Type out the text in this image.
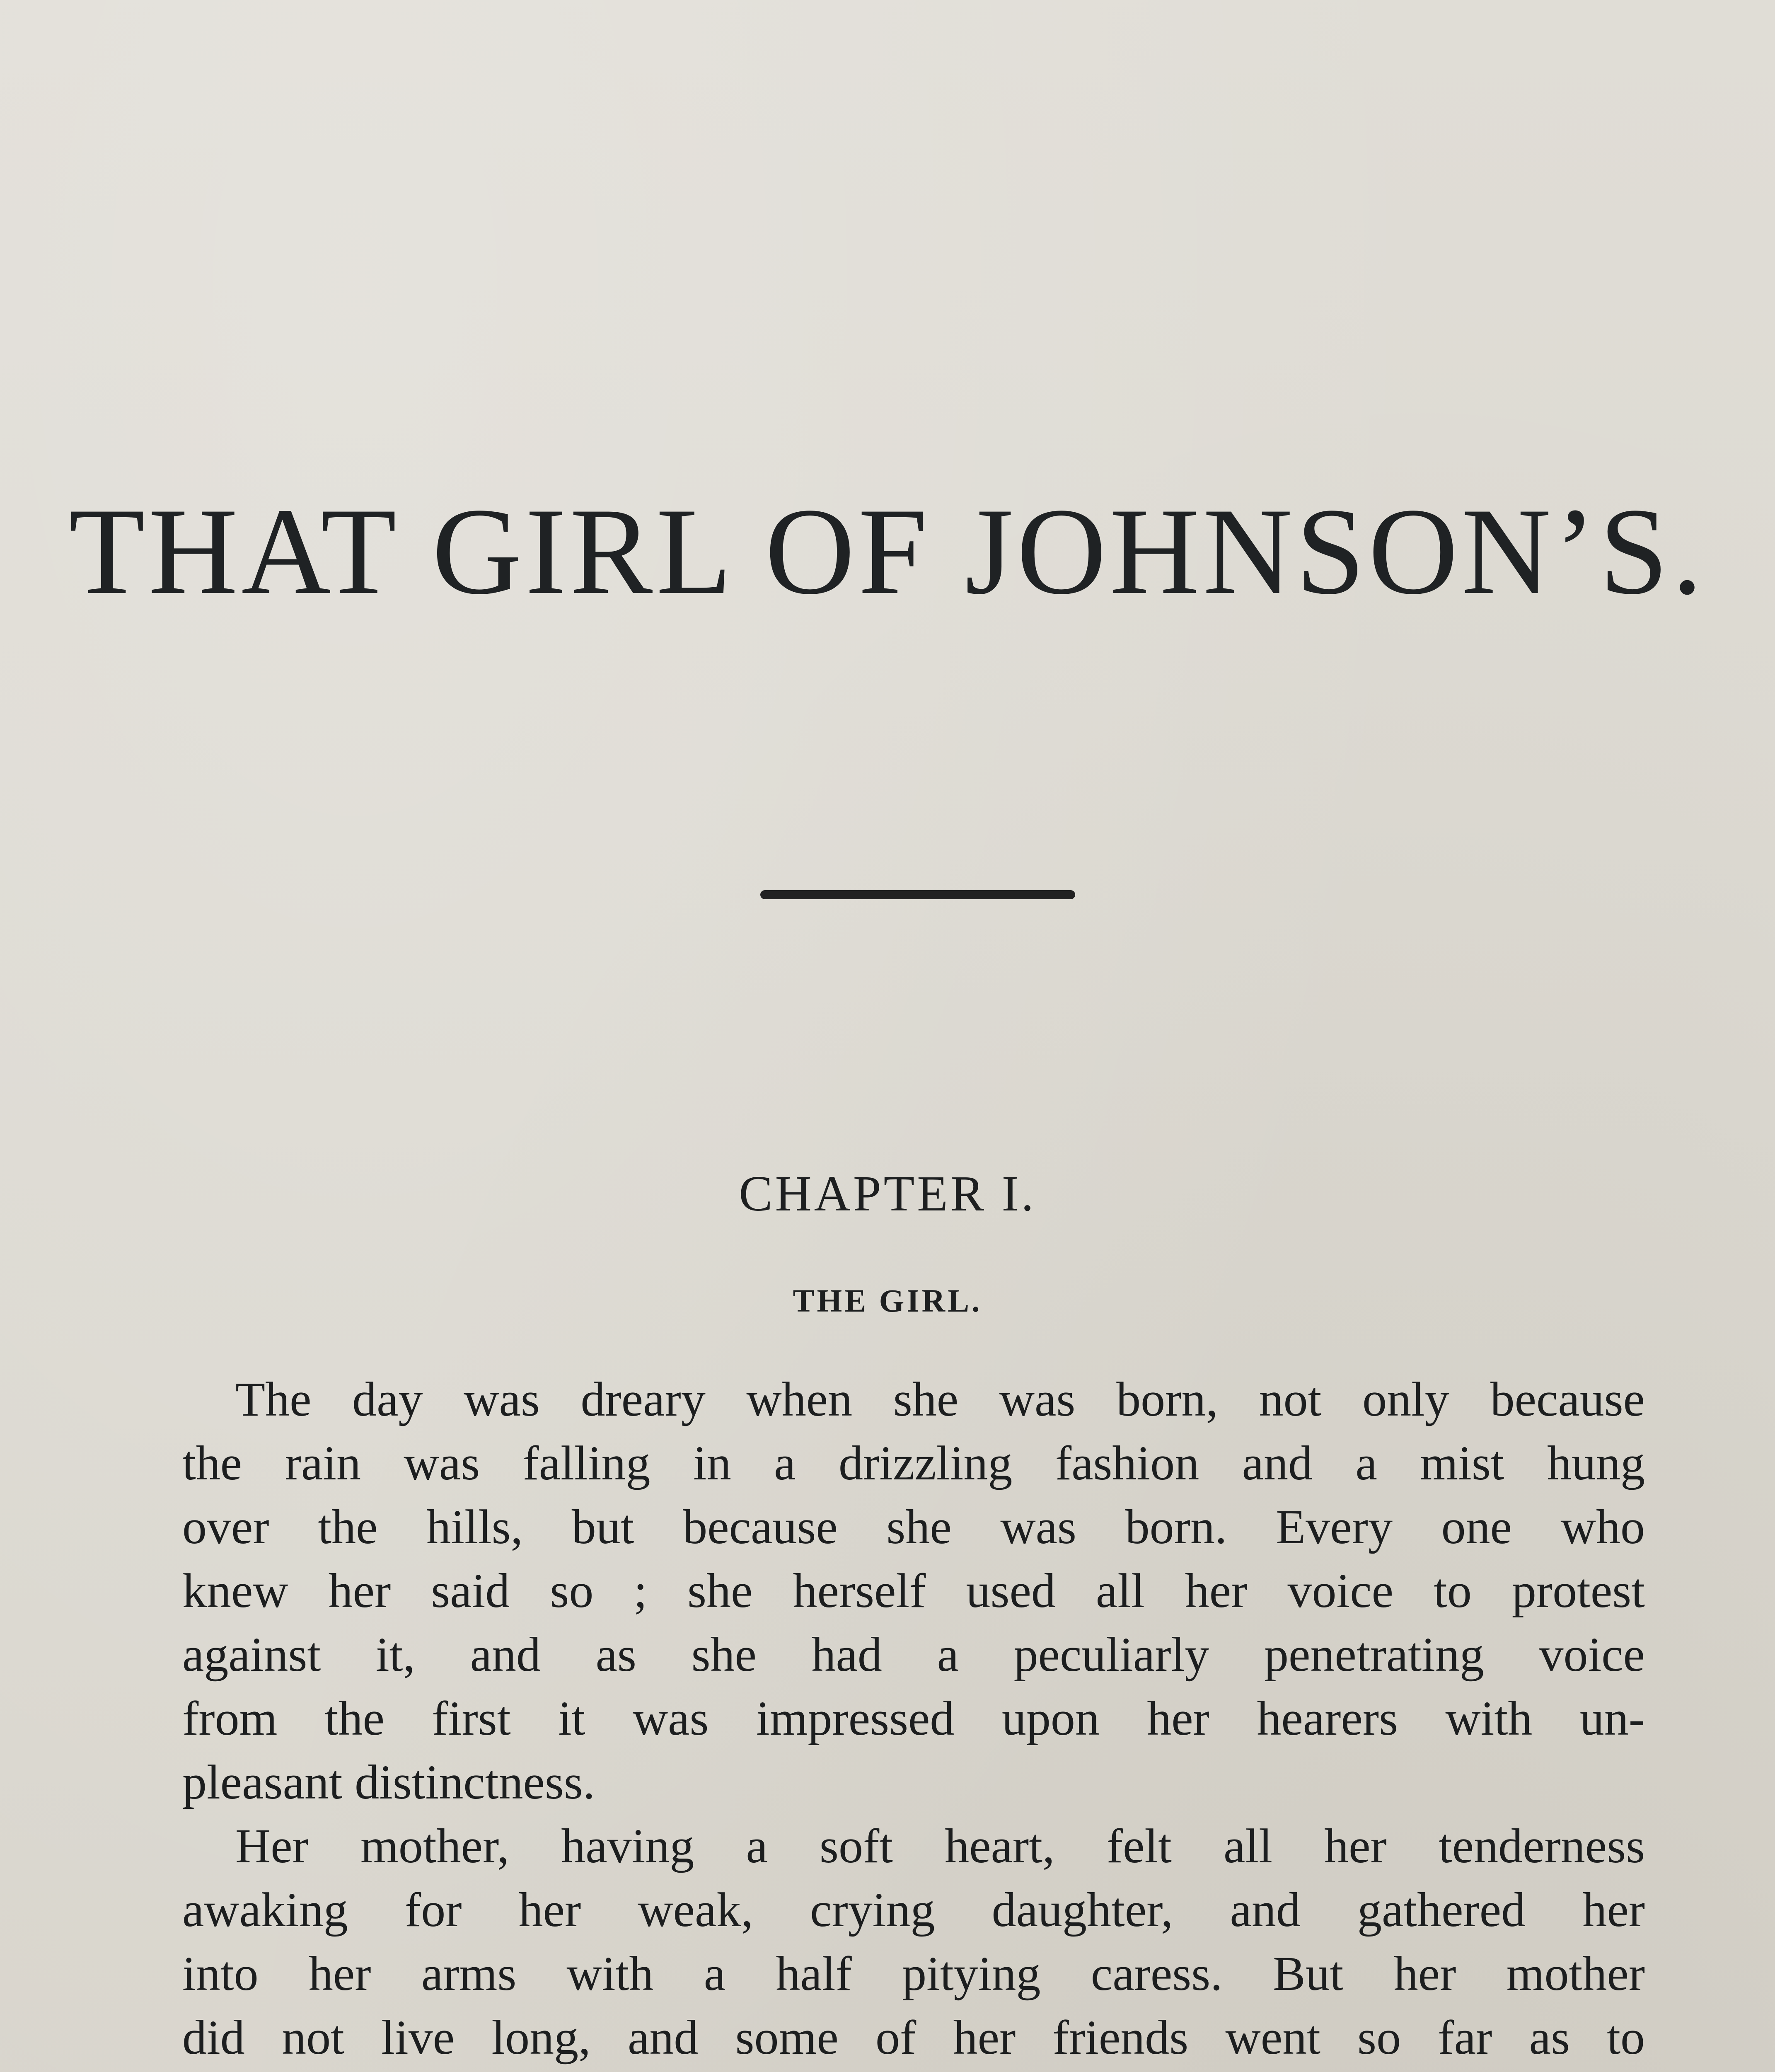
THAT GIRL OF JOHNSON’S.
CHAPTER I.
THE GIRL.
The day was dreary when she was born, not only because
the rain was falling in a drizzling fashion and a mist hung
over the hills, but because she was born. Every one who
knew her said so ; she herself used all her voice to protest
against it, and as she had a peculiarly penetrating voice
from the first it was impressed upon her hearers with un-
pleasant distinctness.
Her mother, having a soft heart, felt all her tenderness
awaking for her weak, crying daughter, and gathered her
into her arms with a half pitying caress. But her mother
did not live long, and some of her friends went so far as to
